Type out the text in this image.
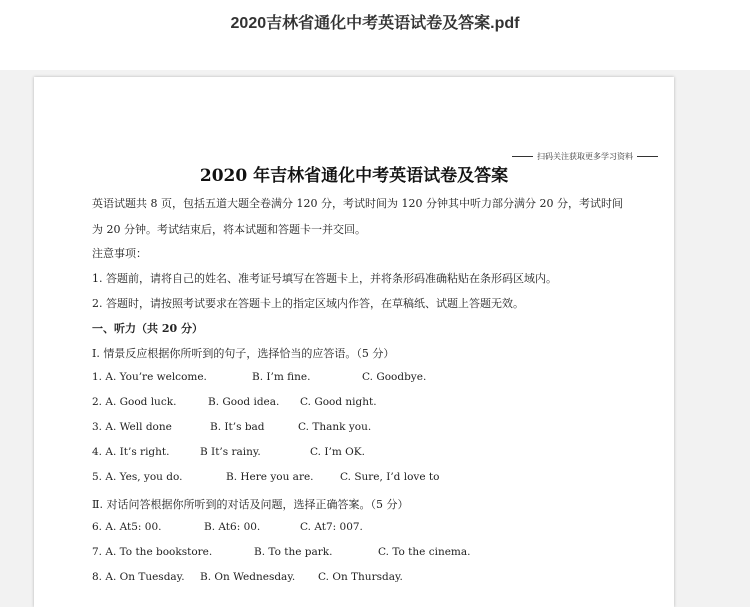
2020吉林省通化中考英语试卷及答案.pdf
扫码关注获取更多学习资料
2020 年吉林省通化中考英语试卷及答案
英语试题共 8 页，包括五道大题全卷满分 120 分，考试时间为 120 分钟其中听力部分满分 20 分，考试时间
为 20 分钟。考试结束后，将本试题和答题卡一并交回。
注意事项：
1. 答题前，请将自己的姓名、准考证号填写在答题卡上，并将条形码准确粘贴在条形码区域内。
2. 答题时，请按照考试要求在答题卡上的指定区域内作答，在草稿纸、试题上答题无效。
一、听力（共 20 分）
Ⅰ. 情景反应根据你所听到的句子，选择恰当的应答语。（5 分）
1. A. You’re welcome.	B. I’m fine.	C. Goodbye.
2. A. Good luck.	B. Good idea. C. Good night.
3. A. Well done	B. It’s bad	C. Thank you.
4. A. It’s right.	B It’s rainy.	C. I’m OK.
5. A. Yes, you do.	B. Here you are.	C. Sure, I’d love to
Ⅱ. 对话问答根据你所听到的对话及问题，选择正确答案。（5 分）
6. A. At5: 00.	B. At6: 00.	C. At7: 007.
7. A. To the bookstore.	B. To the park.	C. To the cinema.
8. A. On Tuesday. B. On Wednesday. C. On Thursday.
